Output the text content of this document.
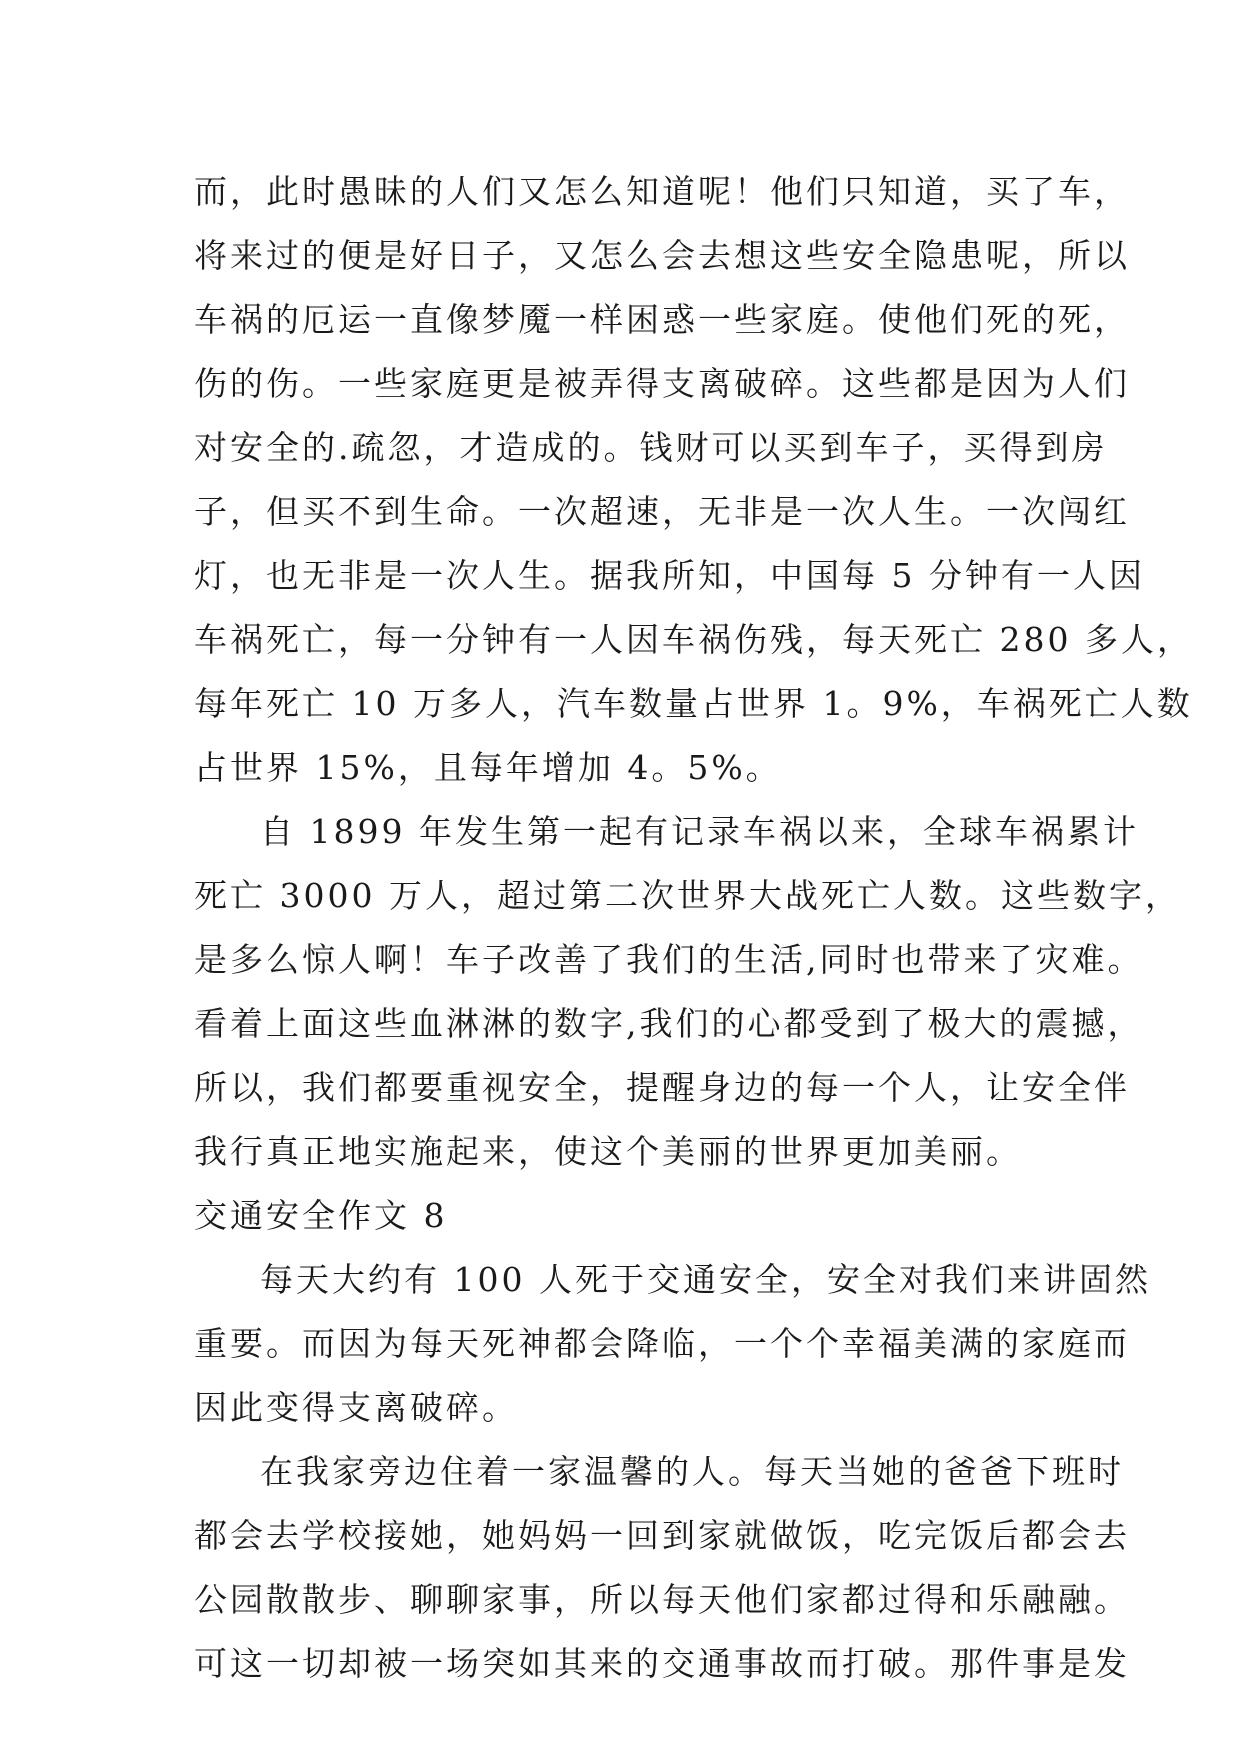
而，此时愚昧的人们又怎么知道呢！他们只知道，买了车，
将来过的便是好日子，又怎么会去想这些安全隐患呢，所以
车祸的厄运一直像梦魇一样困惑一些家庭。使他们死的死，
伤的伤。一些家庭更是被弄得支离破碎。这些都是因为人们
对安全的.疏忽，才造成的。钱财可以买到车子，买得到房
子，但买不到生命。一次超速，无非是一次人生。一次闯红
灯，也无非是一次人生。据我所知，中国每 5 分钟有一人因
车祸死亡，每一分钟有一人因车祸伤残，每天死亡 280 多人，
每年死亡 10 万多人，汽车数量占世界 1。9%，车祸死亡人数
占世界 15%，且每年增加 4。5%。
自 1899 年发生第一起有记录车祸以来，全球车祸累计
死亡 3000 万人，超过第二次世界大战死亡人数。这些数字，
是多么惊人啊！车子改善了我们的生活,同时也带来了灾难。
看着上面这些血淋淋的数字,我们的心都受到了极大的震撼，
所以，我们都要重视安全，提醒身边的每一个人，让安全伴
我行真正地实施起来，使这个美丽的世界更加美丽。
交通安全作文 8
每天大约有 100 人死于交通安全，安全对我们来讲固然
重要。而因为每天死神都会降临，一个个幸福美满的家庭而
因此变得支离破碎。
在我家旁边住着一家温馨的人。每天当她的爸爸下班时
都会去学校接她，她妈妈一回到家就做饭，吃完饭后都会去
公园散散步、聊聊家事，所以每天他们家都过得和乐融融。
可这一切却被一场突如其来的交通事故而打破。那件事是发
